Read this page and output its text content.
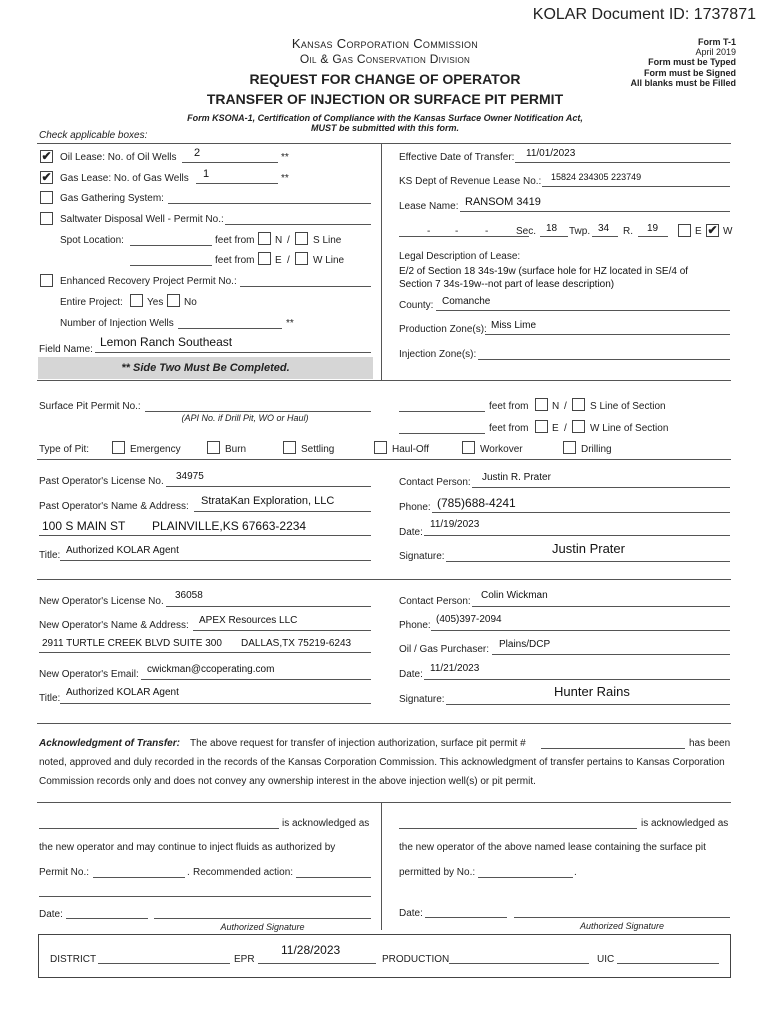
KOLAR Document ID: 1737871
Kansas Corporation Commission
Oil & Gas Conservation Division
REQUEST FOR CHANGE OF OPERATOR
TRANSFER OF INJECTION OR SURFACE PIT PERMIT
Form T-1
April 2019
Form must be Typed
Form must be Signed
All blanks must be Filled
Form KSONA-1, Certification of Compliance with the Kansas Surface Owner Notification Act,
MUST be submitted with this form.
Check applicable boxes:
✔ Oil Lease: No. of Oil Wells 2	**
✔ Gas Lease: No. of Gas Wells 1	**
Gas Gathering System:
Saltwater Disposal Well - Permit No.:
Spot Location:	feet from N / S Line
feet from E / W Line
Enhanced Recovery Project Permit No.:
Entire Project: Yes No
Number of Injection Wells	**
Field Name:
Lemon Ranch Southeast
** Side Two Must Be Completed.
Effective Date of Transfer: 11/01/2023
KS Dept of Revenue Lease No.: 15824 234305 223749
Lease Name: RANSOM 3419
- -	-	Sec. 18 Twp. 34 R. 19	E ✔ W
Legal Description of Lease:
E/2 of Section 18 34s-19w (surface hole for HZ located in SE/4 of
Section 7 34s-19w--not part of lease description)
County: Comanche
Production Zone(s): Miss Lime
Injection Zone(s):
Surface Pit Permit No.:
(API No. if Drill Pit, WO or Haul)
feet from N / S Line of Section
feet from E / W Line of Section
Type of Pit:	Emergency	Burn	Settling	Haul-Off	Workover	Drilling
Past Operator's License No. 34975
Past Operator's Name & Address: StrataKan Exploration, LLC
100 S MAIN ST PLAINVILLE,KS 67663-2234
Title: Authorized KOLAR Agent
Contact Person: Justin R. Prater
Phone: (785)688-4241
Date:
11/19/2023
Signature:
Justin Prater
New Operator's License No.
36058
New Operator's Name & Address: APEX Resources LLC
2911 TURTLE CREEK BLVD SUITE 300 DALLAS,TX 75219-6243
New Operator's Email: cwickman@ccoperating.com
Title:
Authorized KOLAR Agent
Contact Person:
Colin Wickman
Phone:
(405)397-2094
Oil / Gas Purchaser: Plains/DCP
Date:
11/21/2023
Signature:
Hunter Rains
Acknowledgment of Transfer: The above request for transfer of injection authorization, surface pit permit #	has been
noted, approved and duly recorded in the records of the Kansas Corporation Commission. This acknowledgment of transfer pertains to Kansas Corporation
Commission records only and does not convey any ownership interest in the above injection well(s) or pit permit.
is acknowledged as
the new operator and may continue to inject fluids as authorized by
Permit No.:	. Recommended action:
Date:
Authorized Signature
is acknowledged as
the new operator of the above named lease containing the surface pit
permitted by No.:	.
Date:
Authorized Signature
DISTRICT	EPR
11/28/2023
PRODUCTION	UIC
